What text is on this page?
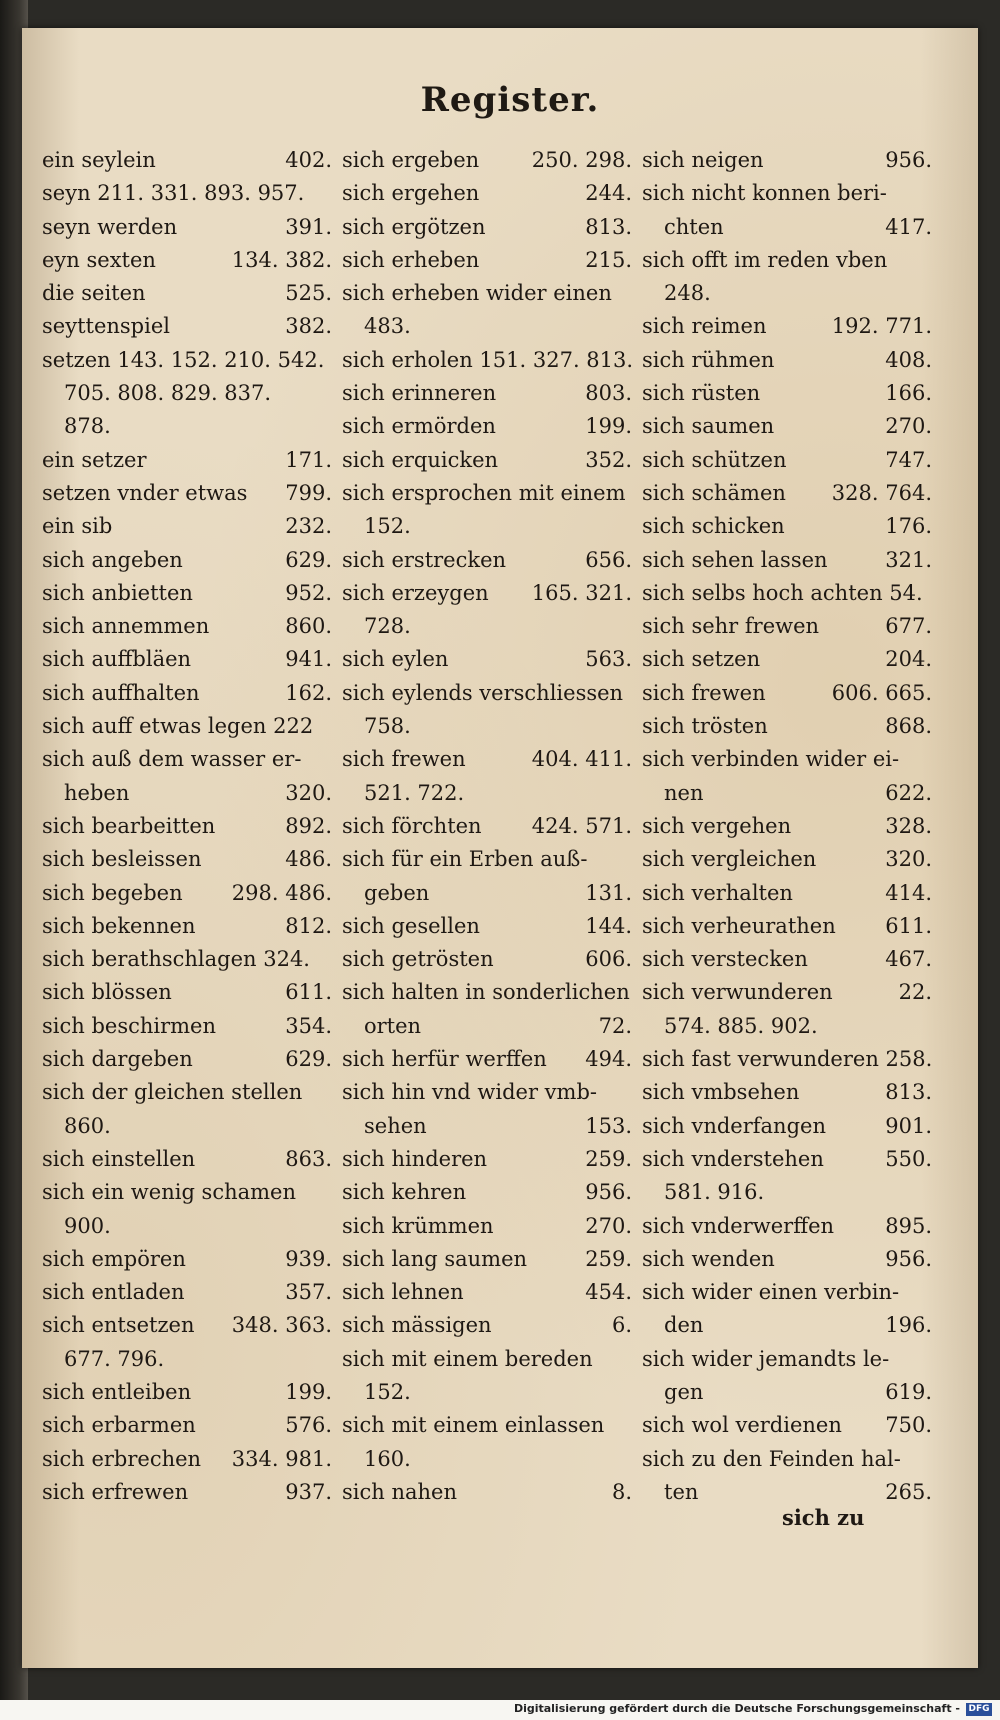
Register.
ein seylein	402.
seyn 211. 331. 893. 957.
seyn werden	391.
eyn sexten	134. 382.
die seiten	525.
seyttenspiel	382.
setzen 143. 152. 210. 542.
705. 808. 829. 837.
878.
ein setzer	171.
setzen vnder etwas 799.
ein sib	232.
sich angeben	629.
sich anbietten	952.
sich annemmen	860.
sich auffbläen	941.
sich auffhalten	162.
sich auff etwas legen 222
sich auß dem wasser er-
heben	320.
sich bearbeitten	892.
sich besleissen	486.
sich begeben 298. 486.
sich bekennen	812.
sich berathschlagen 324.
sich blössen	611.
sich beschirmen	354.
sich dargeben	629.
sich der gleichen stellen
860.
sich einstellen	863.
sich ein wenig schamen
900.
sich empören	939.
sich entladen	357.
sich entsetzen 348. 363.
677. 796.
sich entleiben	199.
sich erbarmen	576.
sich erbrechen 334. 981.
sich erfrewen	937.
sich ergeben	250. 298.
sich ergehen	244.
sich ergötzen	813.
sich erheben	215.
sich erheben wider einen
483.
sich erholen 151. 327. 813.
sich erinneren	803.
sich ermörden	199.
sich erquicken	352.
sich ersprochen mit einem
152.
sich erstrecken	656.
sich erzeygen 165. 321.
728.
sich eylen	563.
sich eylends verschliessen
758.
sich frewen	404. 411.
521. 722.
sich förchten 424. 571.
sich für ein Erben auß-
geben	131.
sich gesellen	144.
sich getrösten	606.
sich halten in sonderlichen
orten	72.
sich herfür werffen 494.
sich hin vnd wider vmb-
sehen	153.
sich hinderen	259.
sich kehren	956.
sich krümmen	270.
sich lang saumen	259.
sich lehnen	454.
sich mässigen	6.
sich mit einem bereden
152.
sich mit einem einlassen
160.
sich nahen	8.
sich neigen	956.
sich nicht konnen beri-
chten	417.
sich offt im reden vben
248.
sich reimen	192. 771.
sich rühmen	408.
sich rüsten	166.
sich saumen	270.
sich schützen	747.
sich schämen 328. 764.
sich schicken	176.
sich sehen lassen	321.
sich selbs hoch achten 54.
sich sehr frewen	677.
sich setzen	204.
sich frewen	606. 665.
sich trösten	868.
sich verbinden wider ei-
nen	622.
sich vergehen	328.
sich vergleichen	320.
sich verhalten	414.
sich verheurathen 611.
sich verstecken	467.
sich verwunderen	22.
574. 885. 902.
sich fast verwunderen 258.
sich vmbsehen	813.
sich vnderfangen	901.
sich vnderstehen	550.
581. 916.
sich vnderwerffen 895.
sich wenden	956.
sich wider einen verbin-
den	196.
sich wider jemandts le-
gen	619.
sich wol verdienen 750.
sich zu den Feinden hal-
ten	265.
sich zu
Digitalisierung gefördert durch die Deutsche Forschungsgemeinschaft - DFG
